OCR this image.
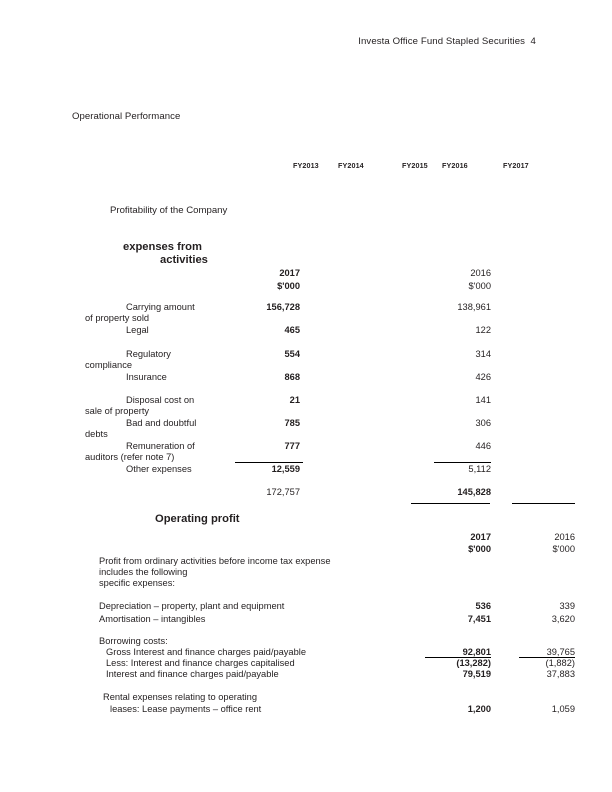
Investa Office Fund Stapled Securities  4
Operational Performance
FY2013	FY2014	FY2015 FY2016	FY2017
Profitability of the Company
expenses from
activities
2017
$'000
2016
$'000
Carrying amount
of property sold
156,728	138,961
Legal	465	122
Regulatory
compliance
554	314
Insurance	868	426
Disposal cost on
sale of property
21	141
Bad and doubtful
debts
785	306
Remuneration of
auditors (refer note 7)
777	446
Other expenses	12,559	5,112
172,757	145,828
Operating profit
2017
$'000
2016
$'000
Profit from ordinary activities before income tax expense
includes the following
specific expenses:
Depreciation – property, plant and equipment	536	339
Amortisation – intangibles	7,451	3,620
Borrowing costs:
Gross Interest and finance charges paid/payable	92,801	39,765
Less: Interest and finance charges capitalised	(13,282)	(1,882)
Interest and finance charges paid/payable	79,519	37,883
Rental expenses relating to operating
leases: Lease payments – office rent	1,200	1,059
